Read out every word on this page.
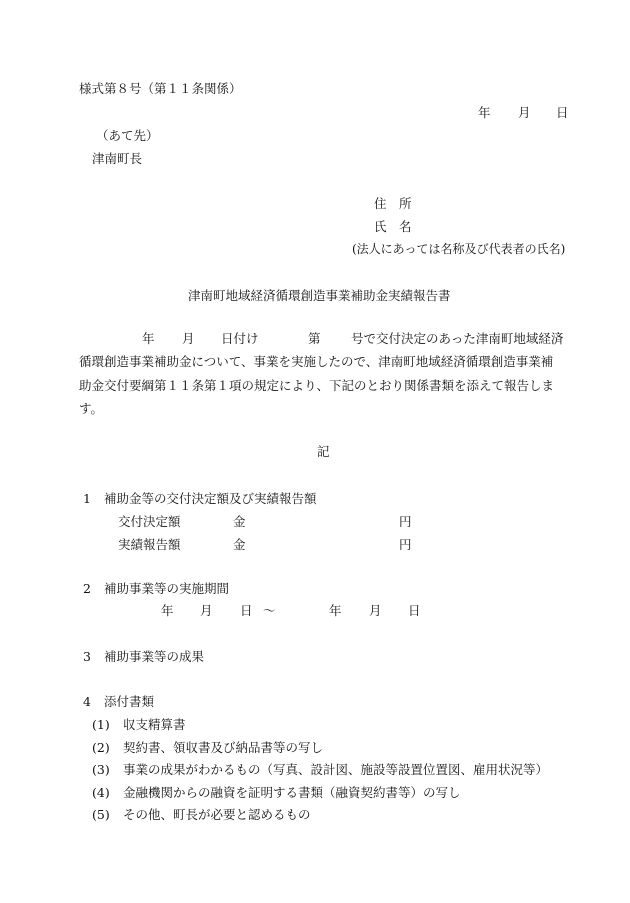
様式第８号（第１１条関係）
年 月 日
（あて先）
津南町長
住　所
氏　名
(法人にあっては名称及び代表者の氏名)
津南町地域経済循環創造事業補助金実績報告書
年 月 日付け	第 号で交付決定のあった津南町地域経済
循環創造事業補助金について、事業を実施したので、津南町地域経済循環創造事業補
助金交付要綱第１１条第１項の規定により、下記のとおり関係書類を添えて報告しま
す。
記
1 補助金等の交付決定額及び実績報告額
交付決定額	金	円
実績報告額	金	円
2 補助事業等の実施期間
年 月 日 ～	年 月 日
3 補助事業等の成果
4 添付書類
(1) 収支精算書
(2) 契約書、領収書及び納品書等の写し
(3) 事業の成果がわかるもの（写真、設計図、施設等設置位置図、雇用状況等）
(4) 金融機関からの融資を証明する書類（融資契約書等）の写し
(5) その他、町長が必要と認めるもの
